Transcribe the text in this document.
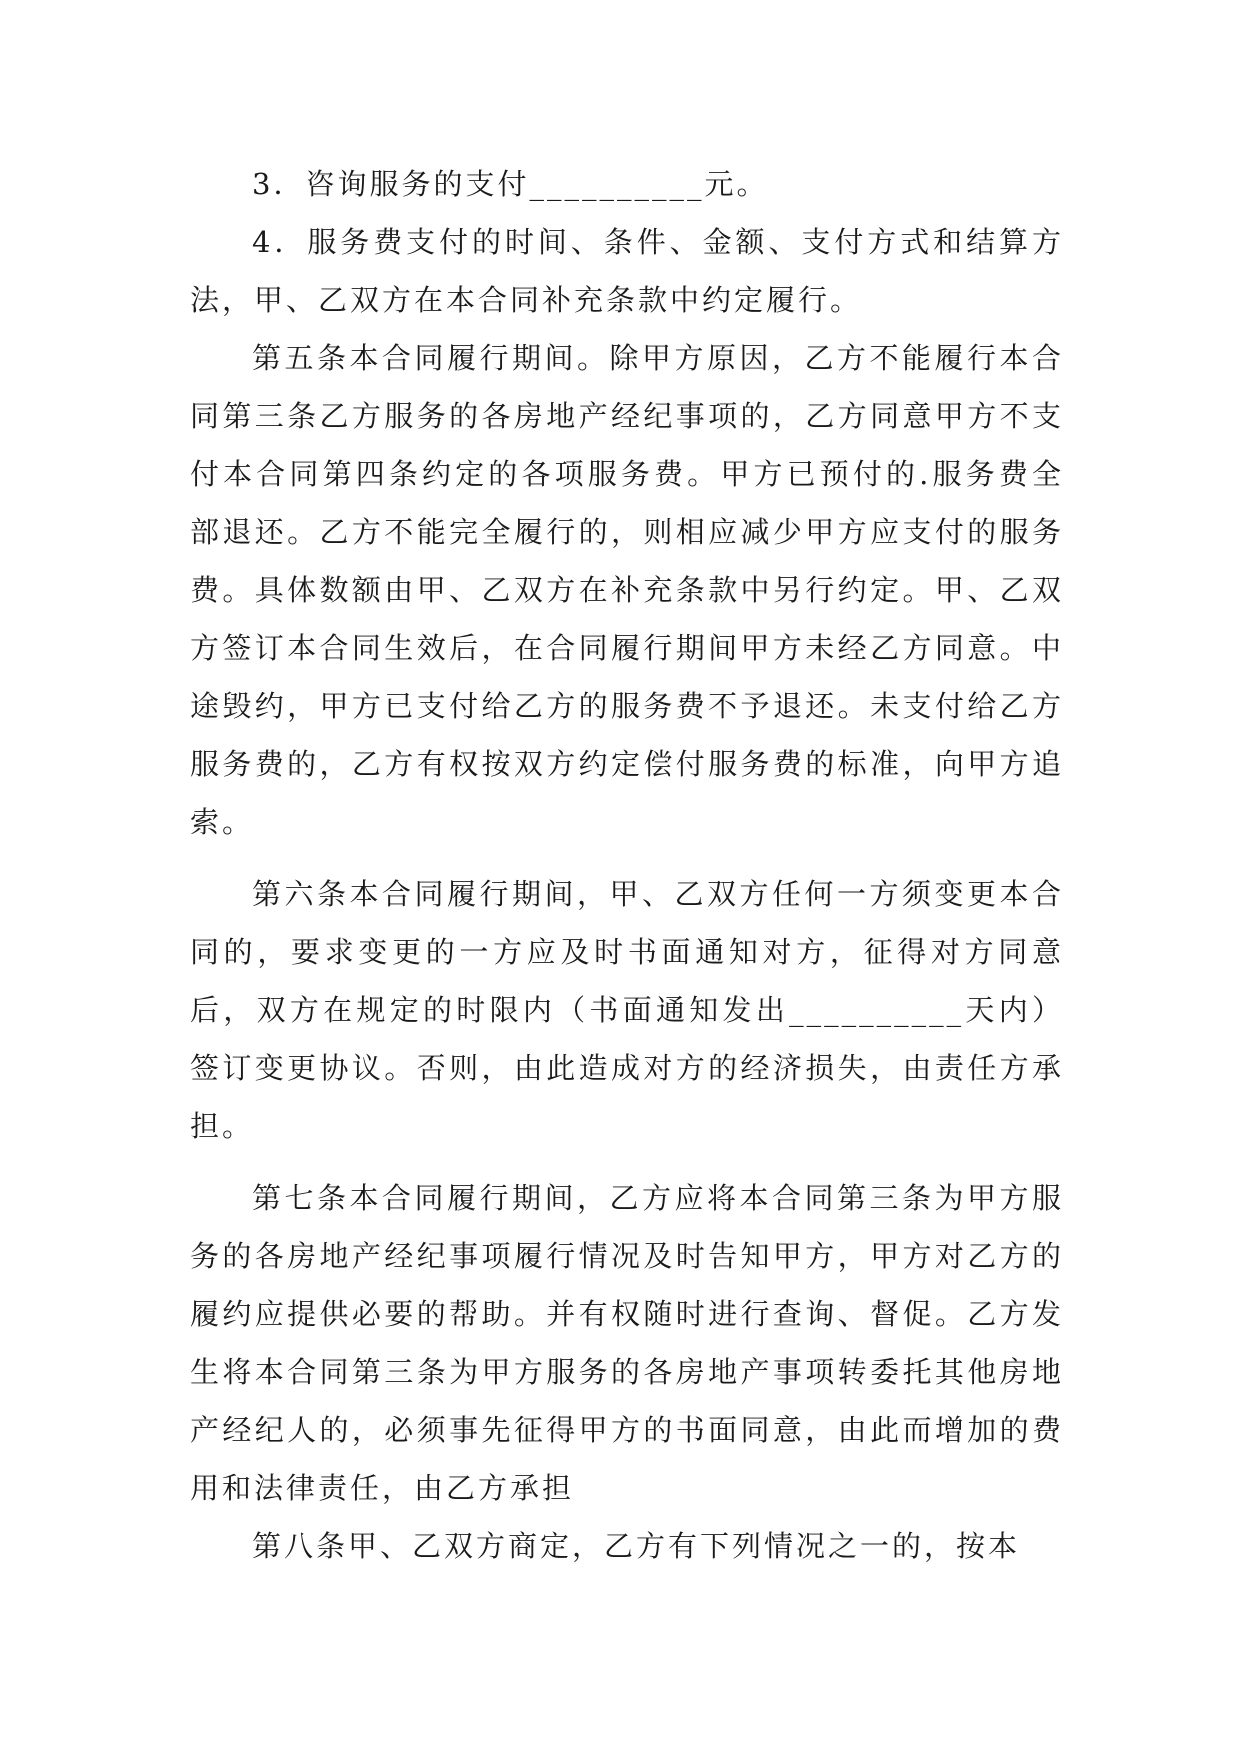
3．咨询服务的支付__________元。

4．服务费支付的时间、条件、金额、支付方式和结算方法，甲、乙双方在本合同补充条款中约定履行。

第五条本合同履行期间。除甲方原因，乙方不能履行本合同第三条乙方服务的各房地产经纪事项的，乙方同意甲方不支付本合同第四条约定的各项服务费。甲方已预付的.服务费全部退还。乙方不能完全履行的，则相应减少甲方应支付的服务费。具体数额由甲、乙双方在补充条款中另行约定。甲、乙双方签订本合同生效后，在合同履行期间甲方未经乙方同意。中途毁约，甲方已支付给乙方的服务费不予退还。未支付给乙方服务费的，乙方有权按双方约定偿付服务费的标准，向甲方追索。

第六条本合同履行期间，甲、乙双方任何一方须变更本合同的，要求变更的一方应及时书面通知对方，征得对方同意后，双方在规定的时限内（书面通知发出__________天内）签订变更协议。否则，由此造成对方的经济损失，由责任方承担。

第七条本合同履行期间，乙方应将本合同第三条为甲方服务的各房地产经纪事项履行情况及时告知甲方，甲方对乙方的履约应提供必要的帮助。并有权随时进行查询、督促。乙方发生将本合同第三条为甲方服务的各房地产事项转委托其他房地产经纪人的，必须事先征得甲方的书面同意，由此而增加的费用和法律责任，由乙方承担

第八条甲、乙双方商定，乙方有下列情况之一的，按本
